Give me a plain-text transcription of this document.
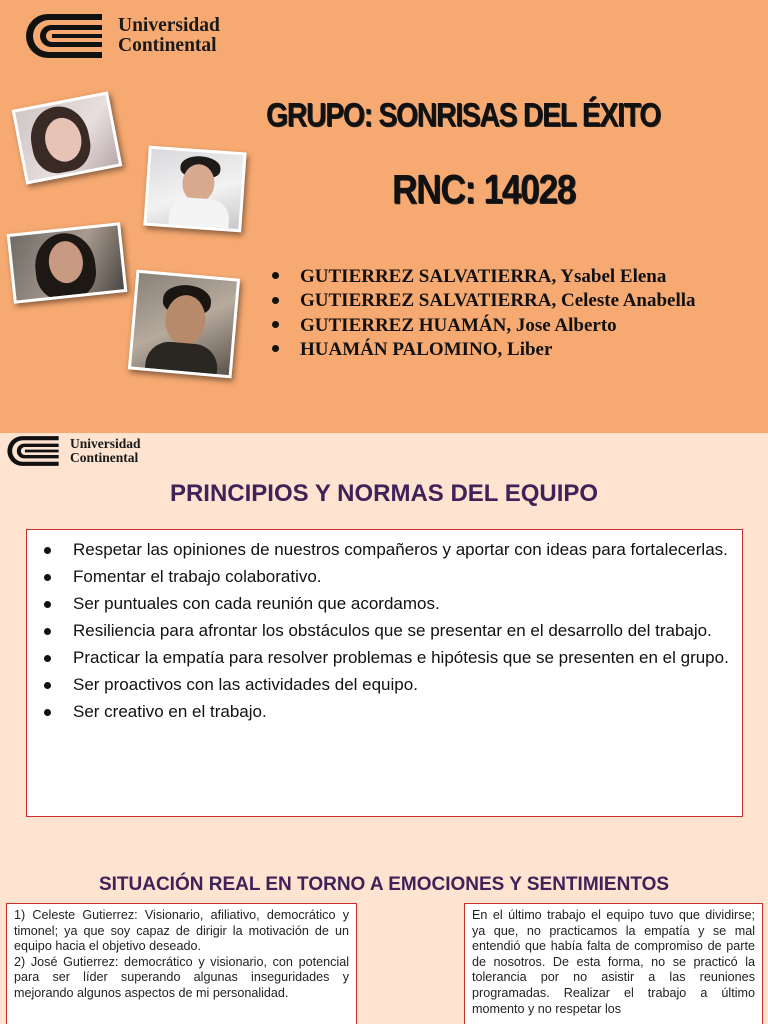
Universidad
Continental
GRUPO: SONRISAS DEL ÉXITO
RNC: 14028
GUTIERREZ SALVATIERRA, Ysabel Elena
GUTIERREZ SALVATIERRA, Celeste Anabella
GUTIERREZ HUAMÁN, Jose Alberto
HUAMÁN PALOMINO, Liber
Universidad
Continental
PRINCIPIOS Y NORMAS DEL EQUIPO
Respetar las opiniones de nuestros compañeros y aportar con ideas para fortalecerlas.
Fomentar el trabajo colaborativo.
Ser puntuales con cada reunión que acordamos.
Resiliencia para afrontar los obstáculos que se presentar en el desarrollo del trabajo.
Practicar la empatía para resolver problemas e hipótesis que se presenten en el grupo.
Ser proactivos con las actividades del equipo.
Ser creativo en el trabajo.
SITUACIÓN REAL EN TORNO A EMOCIONES Y SENTIMIENTOS

1) Celeste Gutierrez: Visionario, afiliativo, democrático y timonel; ya que soy capaz de dirigir la motivación de un equipo hacia el objetivo deseado.

2) José Gutierrez: democrático y visionario, con potencial para ser líder superando algunas inseguridades y mejorando algunos aspectos de mi personalidad.

En el último trabajo el equipo tuvo que dividirse; ya que, no practicamos la empatía y se mal entendió que había falta de compromiso de parte de nosotros. De esta forma, no se practicó la tolerancia por no asistir a las reuniones programadas. Realizar el trabajo a último momento y no respetar los
